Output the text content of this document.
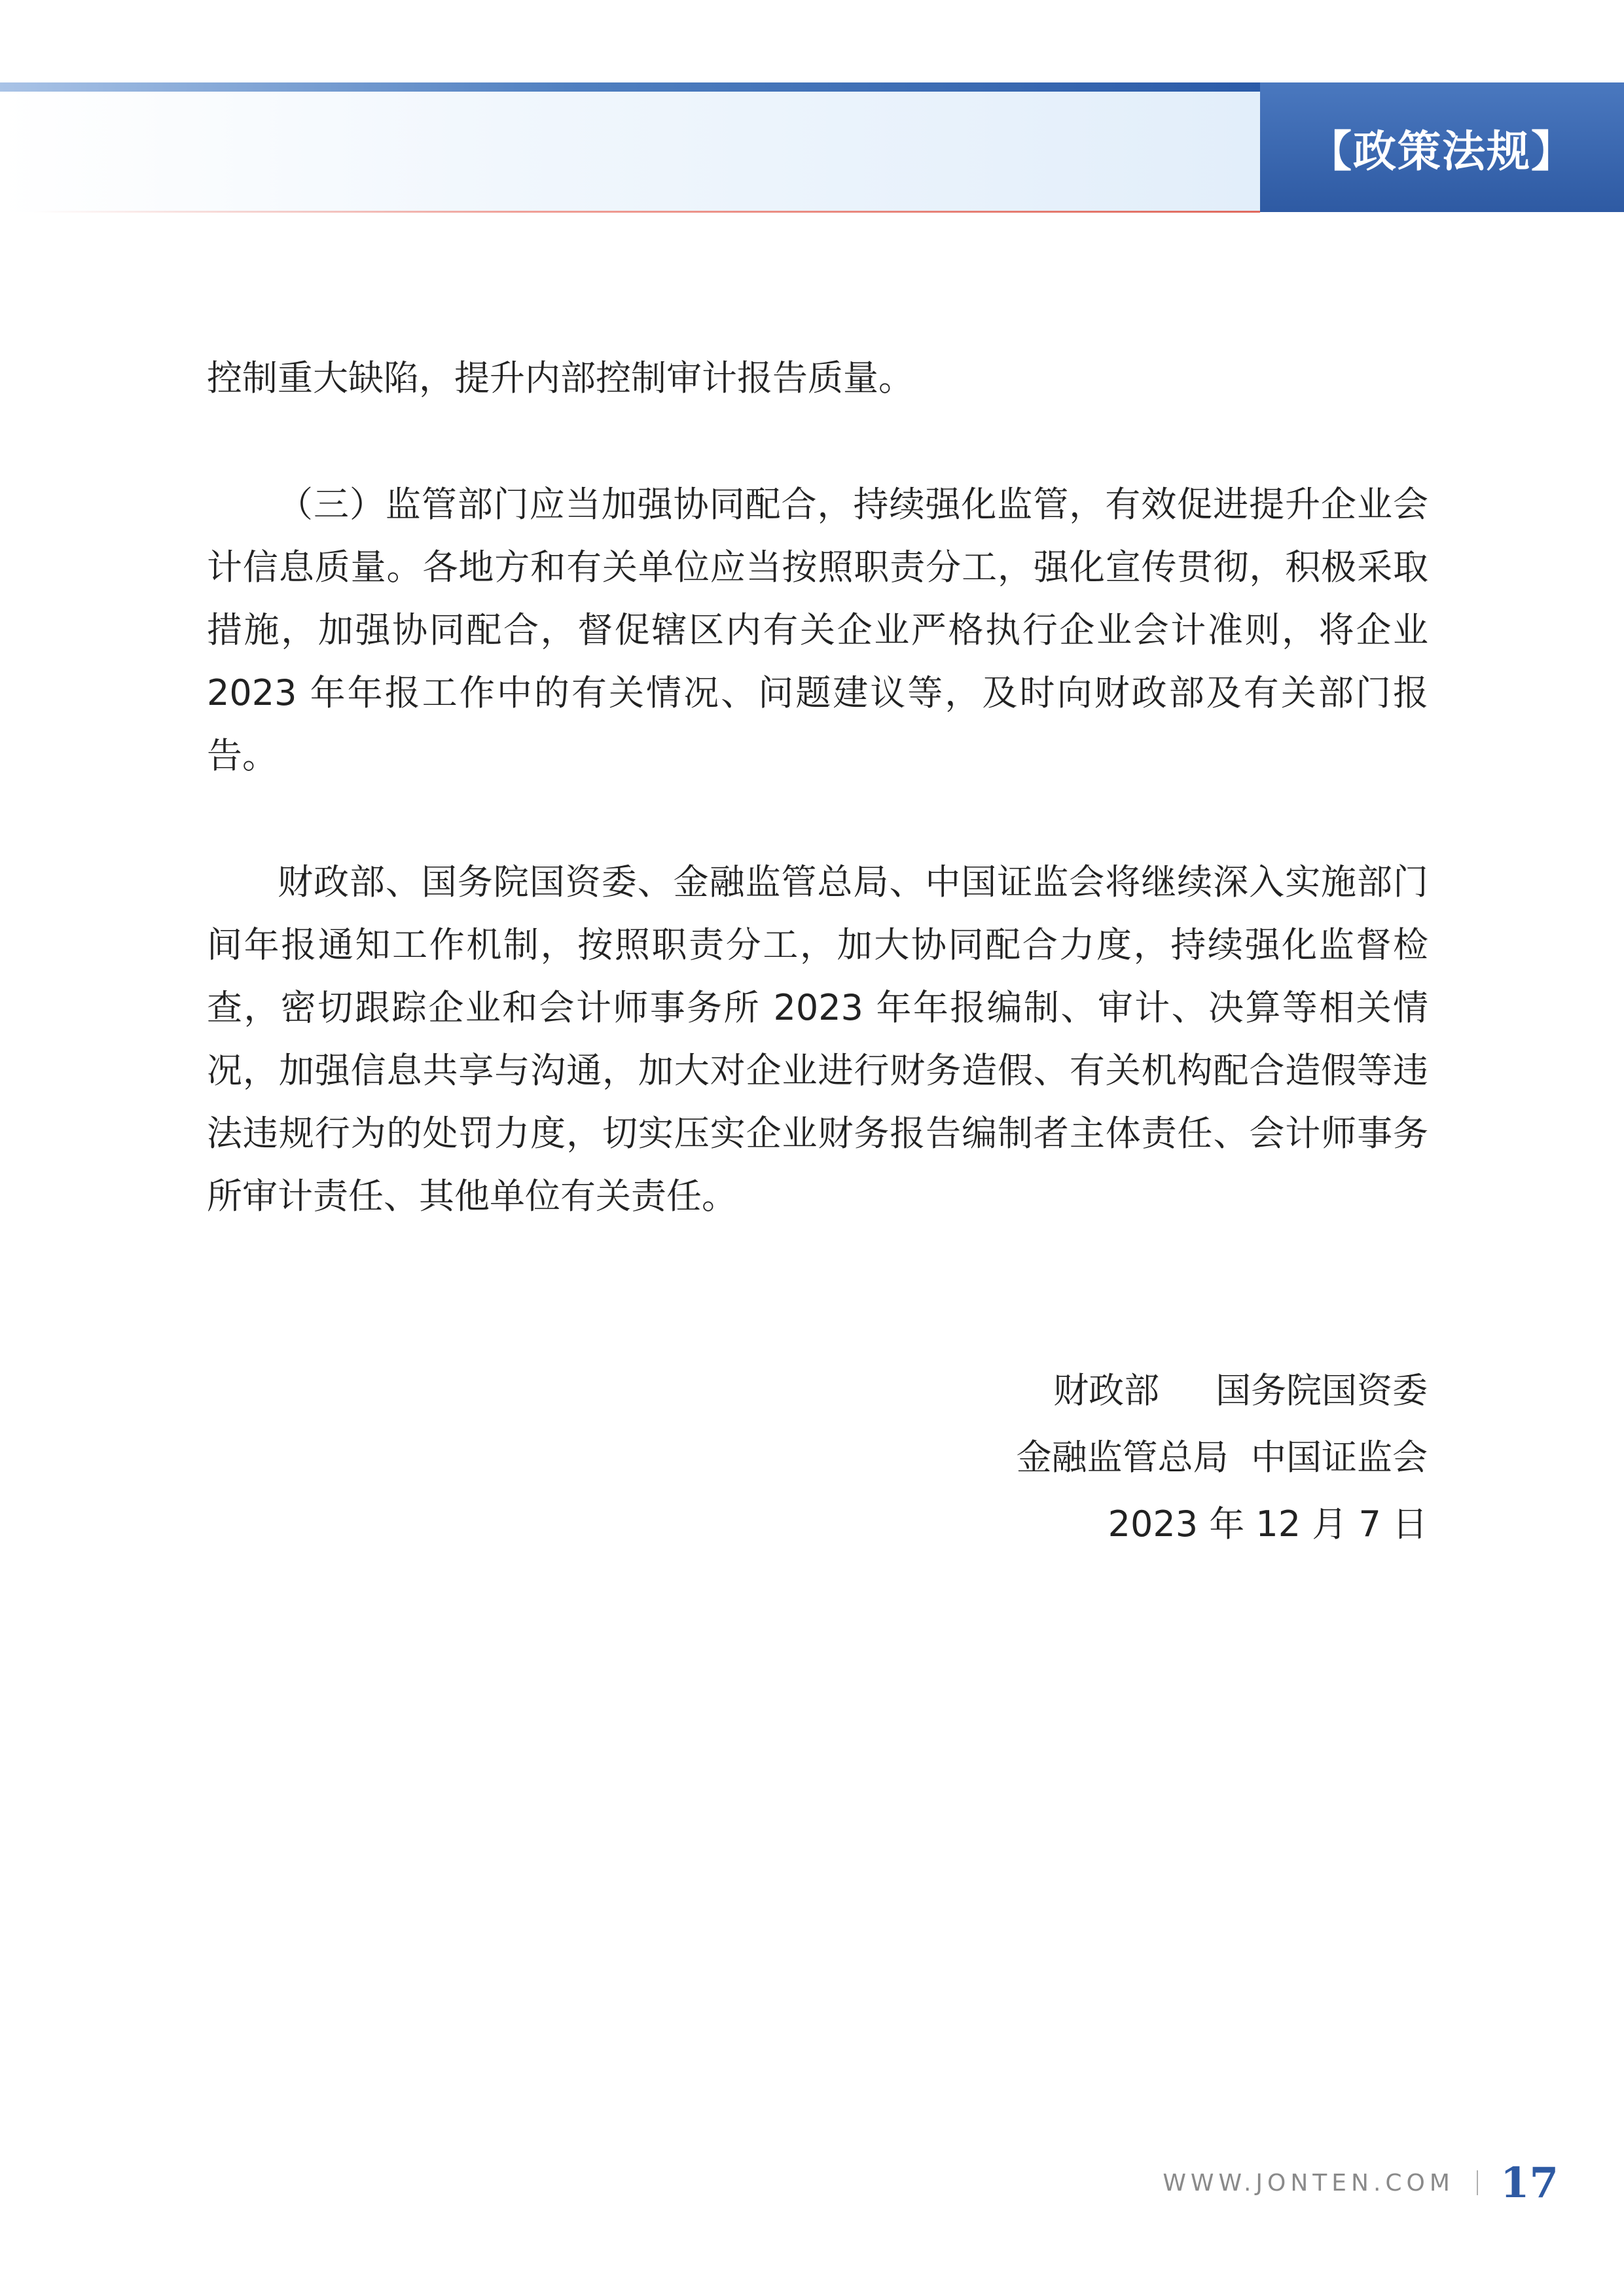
【政策法规】

控制重大缺陷，提升内部控制审计报告质量。

（三）监管部门应当加强协同配合，持续强化监管，有效促进提升企业会计信息质量。各地方和有关单位应当按照职责分工，强化宣传贯彻，积极采取措施，加强协同配合，督促辖区内有关企业严格执行企业会计准则，将企业 2023 年年报工作中的有关情况、问题建议等，及时向财政部及有关部门报告。

财政部、国务院国资委、金融监管总局、中国证监会将继续深入实施部门间年报通知工作机制，按照职责分工，加大协同配合力度，持续强化监督检查，密切跟踪企业和会计师事务所 2023 年年报编制、审计、决算等相关情况，加强信息共享与沟通，加大对企业进行财务造假、有关机构配合造假等违法违规行为的处罚力度，切实压实企业财务报告编制者主体责任、会计师事务所审计责任、其他单位有关责任。

财政部     国务院国资委
金融监管总局  中国证监会
2023 年 12 月 7 日
WWW.JONTEN.COM 17
